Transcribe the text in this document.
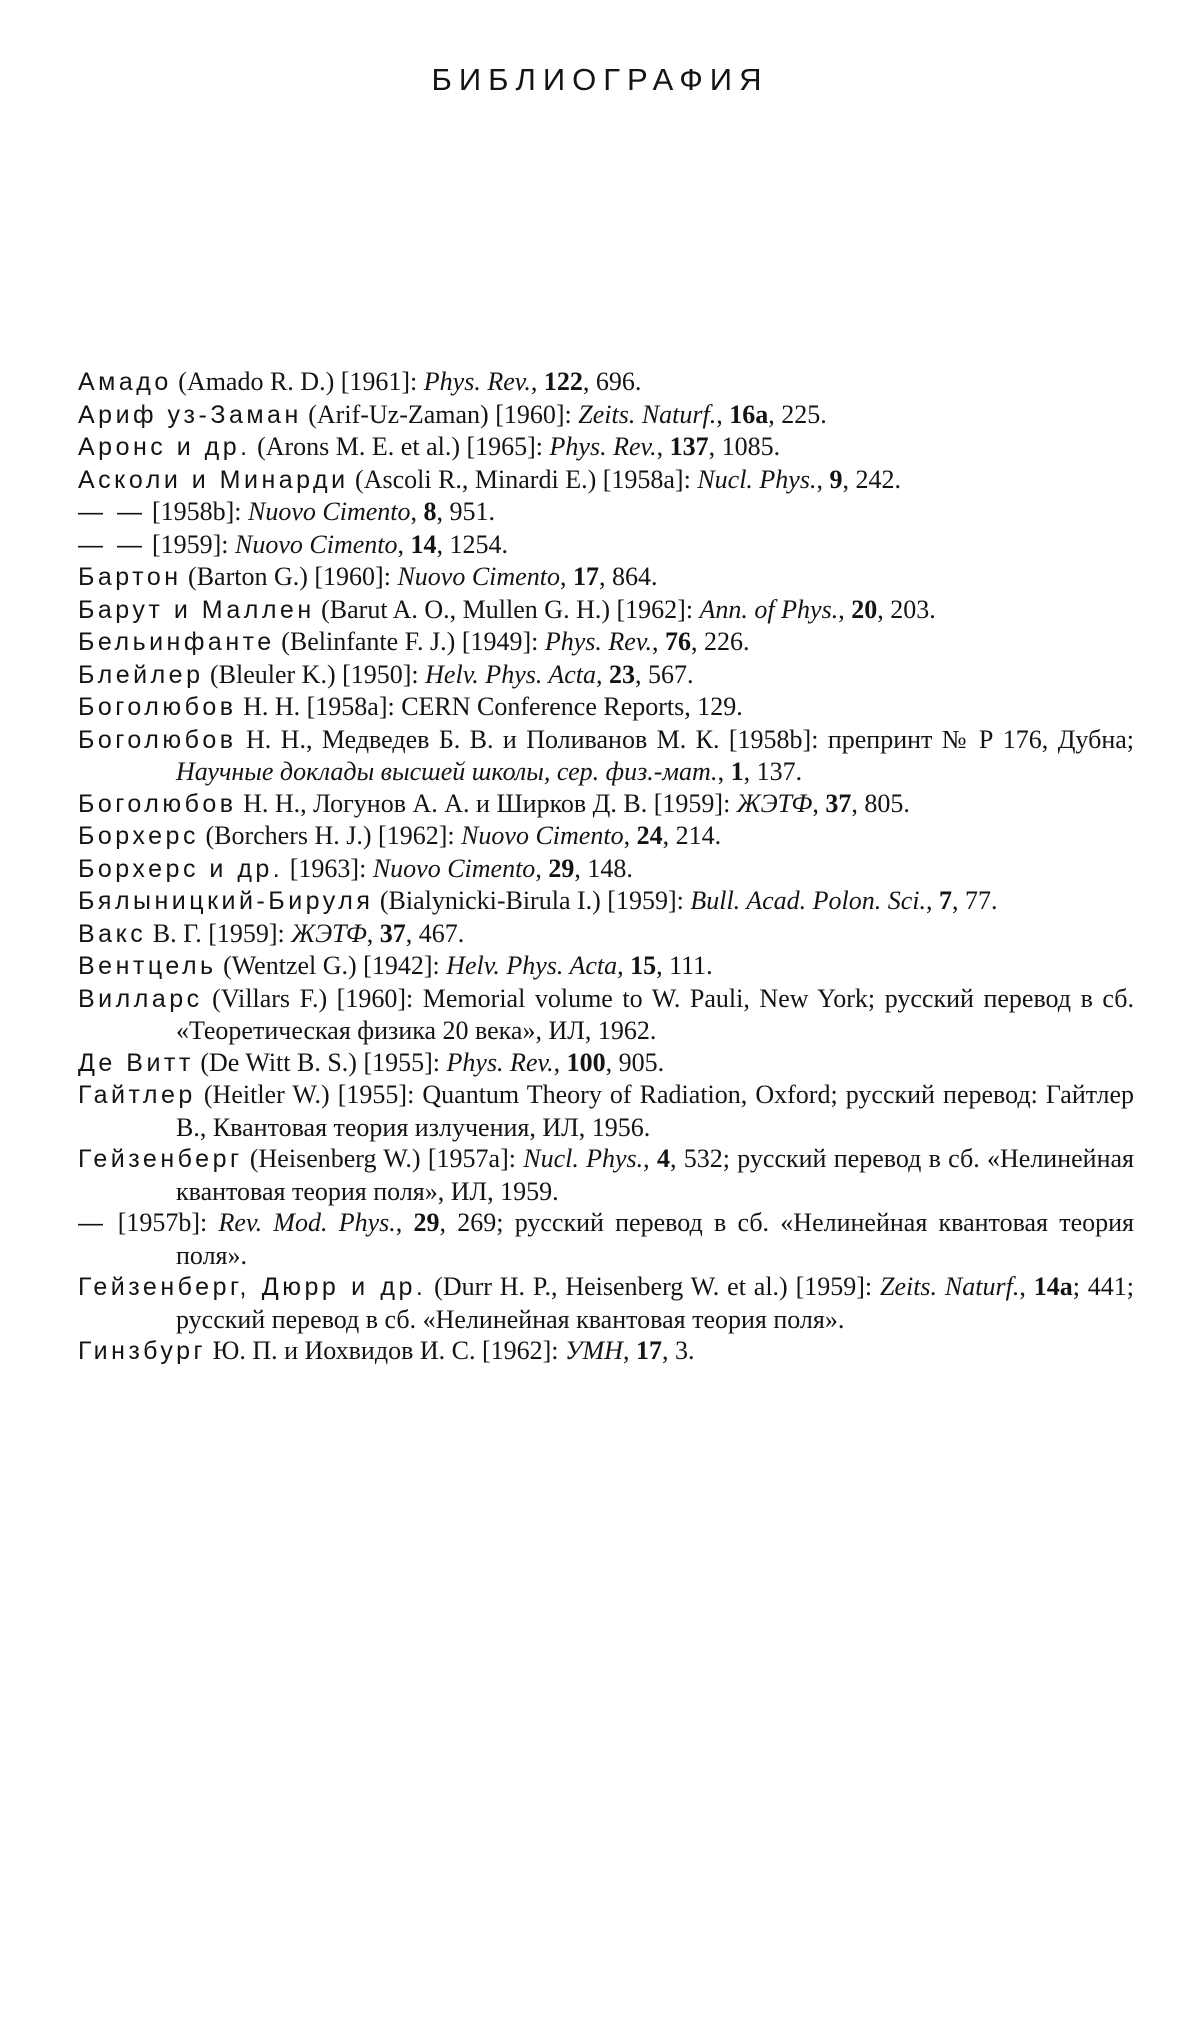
БИБЛИОГРАФИЯ
Амадо (Amado R. D.) [1961]: Phys. Rev., 122, 696.
Ариф уз-Заман (Arif-Uz-Zaman) [1960]: Zeits. Naturf., 16a, 225.
Аронс и др. (Arons M. E. et al.) [1965]: Phys. Rev., 137, 1085.
Асколи и Минарди (Ascoli R., Minardi E.) [1958a]: Nucl. Phys., 9, 242.
— — [1958b]: Nuovo Cimento, 8, 951.
— — [1959]: Nuovo Cimento, 14, 1254.
Бартон (Barton G.) [1960]: Nuovo Cimento, 17, 864.
Барут и Маллен (Barut A. O., Mullen G. H.) [1962]: Ann. of Phys., 20, 203.
Бельинфанте (Belinfante F. J.) [1949]: Phys. Rev., 76, 226.
Блейлер (Bleuler K.) [1950]: Helv. Phys. Acta, 23, 567.
Боголюбов Н. Н. [1958a]: CERN Conference Reports, 129.
Боголюбов Н. Н., Медведев Б. В. и Поливанов М. К. [1958b]: препринт № Р 176, Дубна; Научные доклады высшей школы, сер. физ.-мат., 1, 137.
Боголюбов Н. Н., Логунов А. А. и Ширков Д. В. [1959]: ЖЭТФ, 37, 805.
Борхерс (Borchers H. J.) [1962]: Nuovo Cimento, 24, 214.
Борхерс и др. [1963]: Nuovo Cimento, 29, 148.
Бялыницкий-Бируля (Bialynicki-Birula I.) [1959]: Bull. Acad. Polon. Sci., 7, 77.
Вакс В. Г. [1959]: ЖЭТФ, 37, 467.
Вентцель (Wentzel G.) [1942]: Helv. Phys. Acta, 15, 111.
Вилларс (Villars F.) [1960]: Memorial volume to W. Pauli, New York; русский перевод в сб. «Теоретическая физика 20 века», ИЛ, 1962.
Де Витт (De Witt B. S.) [1955]: Phys. Rev., 100, 905.
Гайтлер (Heitler W.) [1955]: Quantum Theory of Radiation, Oxford; русский перевод: Гайтлер В., Квантовая теория излучения, ИЛ, 1956.
Гейзенберг (Heisenberg W.) [1957a]: Nucl. Phys., 4, 532; русский перевод в сб. «Нелинейная квантовая теория поля», ИЛ, 1959.
— [1957b]: Rev. Mod. Phys., 29, 269; русский перевод в сб. «Нелинейная квантовая теория поля».
Гейзенберг, Дюрр и др. (Durr H. P., Heisenberg W. et al.) [1959]: Zeits. Naturf., 14a; 441; русский перевод в сб. «Нелинейная квантовая теория поля».
Гинзбург Ю. П. и Иохвидов И. С. [1962]: УМН, 17, 3.
